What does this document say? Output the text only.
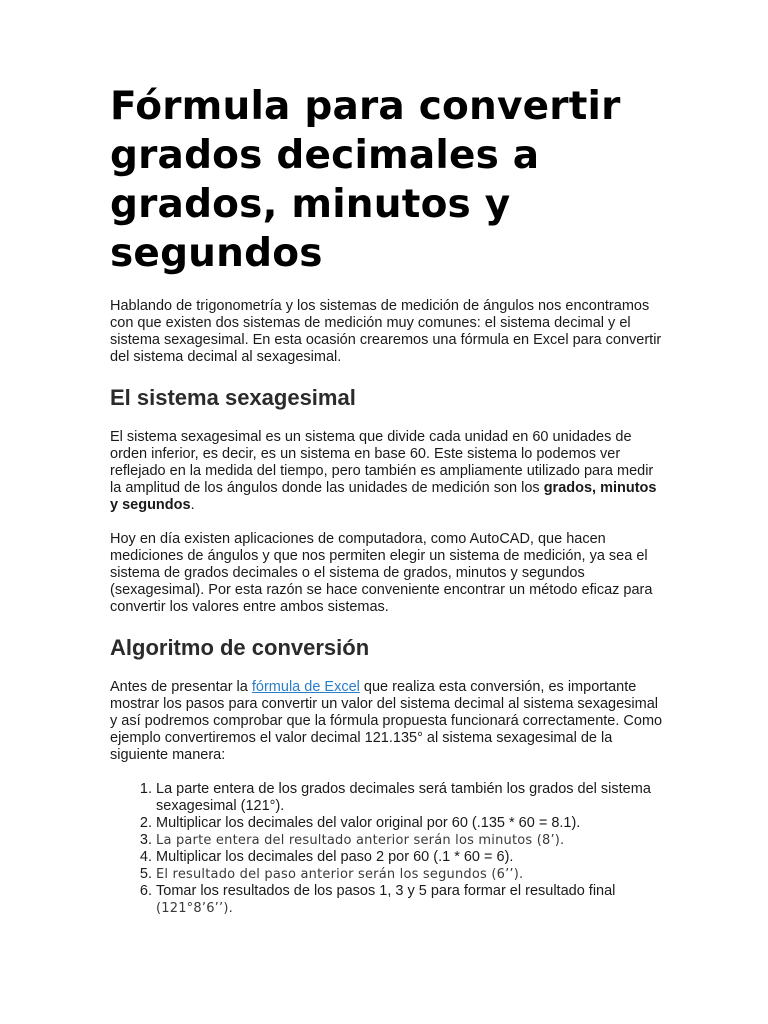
Fórmula para convertir grados decimales a grados, minutos y segundos

Hablando de trigonometría y los sistemas de medición de ángulos nos encontramos con que existen dos sistemas de medición muy comunes: el sistema decimal y el sistema sexagesimal. En esta ocasión crearemos una fórmula en Excel para convertir del sistema decimal al sexagesimal.

El sistema sexagesimal

El sistema sexagesimal es un sistema que divide cada unidad en 60 unidades de orden inferior, es decir, es un sistema en base 60. Este sistema lo podemos ver reflejado en la medida del tiempo, pero también es ampliamente utilizado para medir la amplitud de los ángulos donde las unidades de medición son los grados, minutos y segundos.

Hoy en día existen aplicaciones de computadora, como AutoCAD, que hacen mediciones de ángulos y que nos permiten elegir un sistema de medición, ya sea el sistema de grados decimales o el sistema de grados, minutos y segundos (sexagesimal). Por esta razón se hace conveniente encontrar un método eficaz para convertir los valores entre ambos sistemas.

Algoritmo de conversión

Antes de presentar la fórmula de Excel que realiza esta conversión, es importante mostrar los pasos para convertir un valor del sistema decimal al sistema sexagesimal y así podremos comprobar que la fórmula propuesta funcionará correctamente. Como ejemplo convertiremos el valor decimal 121.135° al sistema sexagesimal de la siguiente manera:

1. La parte entera de los grados decimales será también los grados del sistema sexagesimal (121°).
2. Multiplicar los decimales del valor original por 60 (.135 * 60 = 8.1).
3. La parte entera del resultado anterior serán los minutos (8’).
4. Multiplicar los decimales del paso 2 por 60 (.1 * 60 = 6).
5. El resultado del paso anterior serán los segundos (6’’).
6. Tomar los resultados de los pasos 1, 3 y 5 para formar el resultado final (121°8’6’’).
